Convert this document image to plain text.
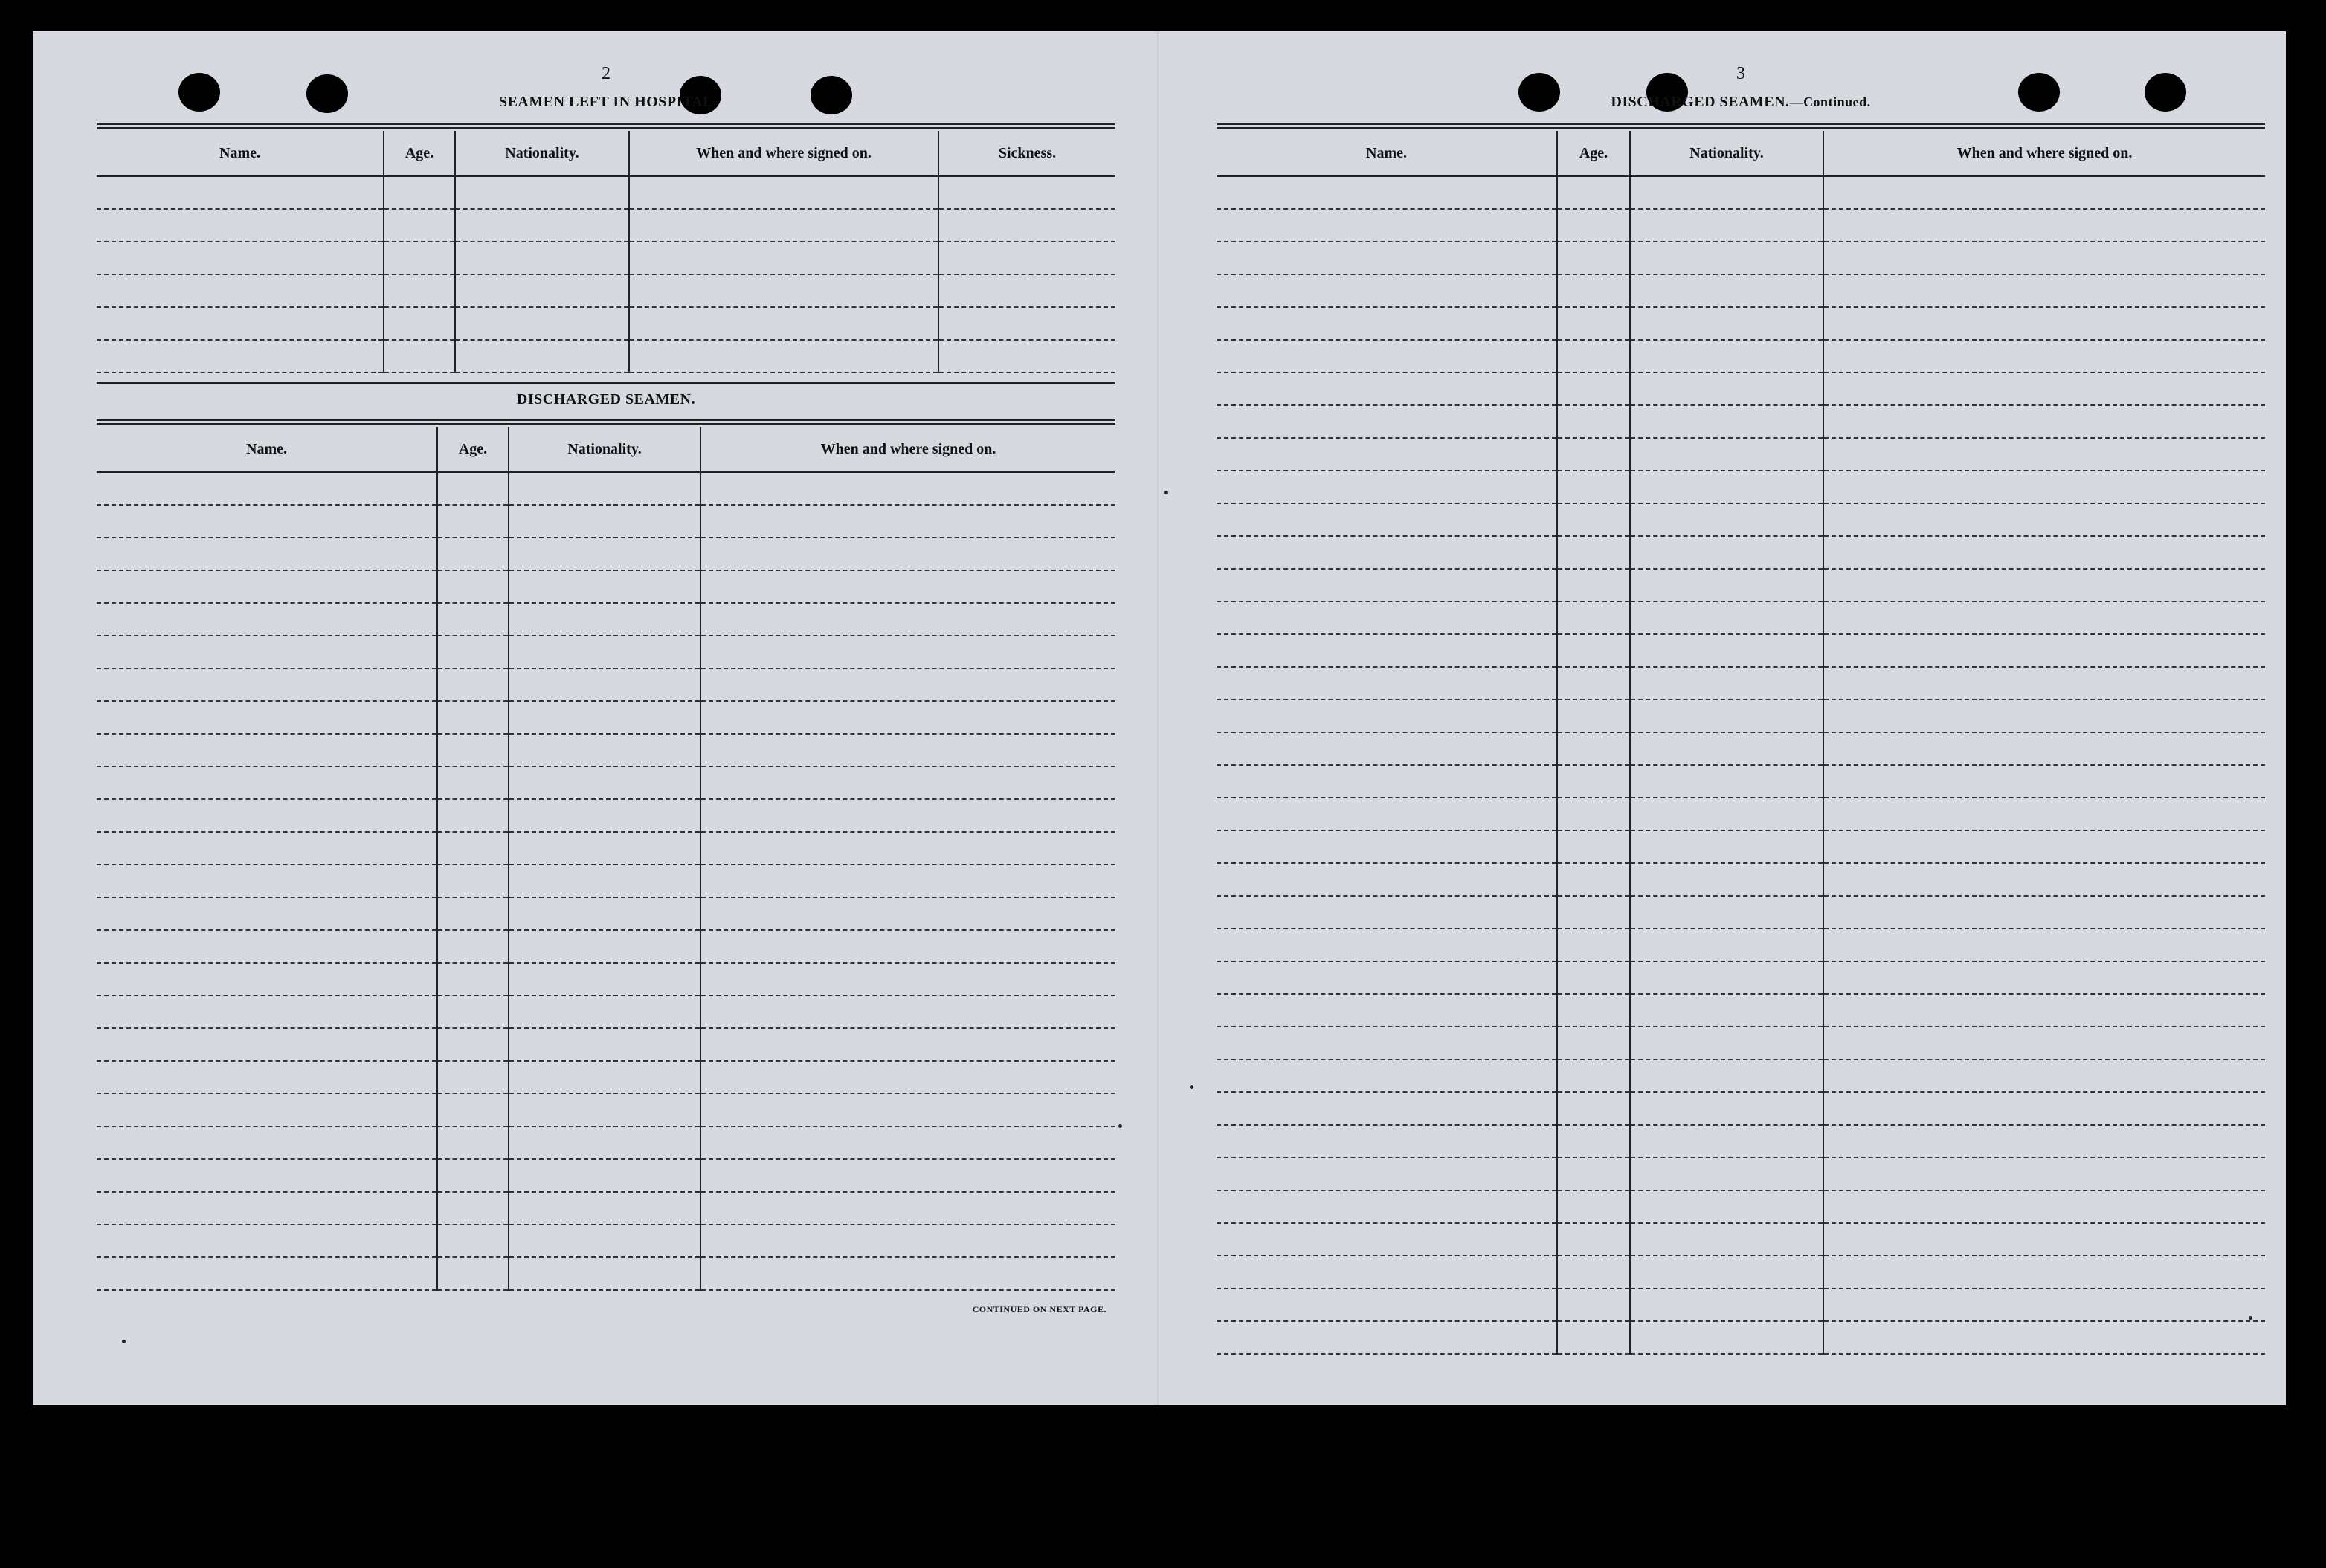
2
SEAMEN LEFT IN HOSPITAL
Name.	Age.	Nationality.	When and where signed on.	Sickness.

DISCHARGED SEAMEN.
Name.	Age.	Nationality.	When and where signed on.

CONTINUED ON NEXT PAGE.
3
DISCHARGED SEAMEN.—Continued.
Name.	Age.	Nationality.	When and where signed on.
